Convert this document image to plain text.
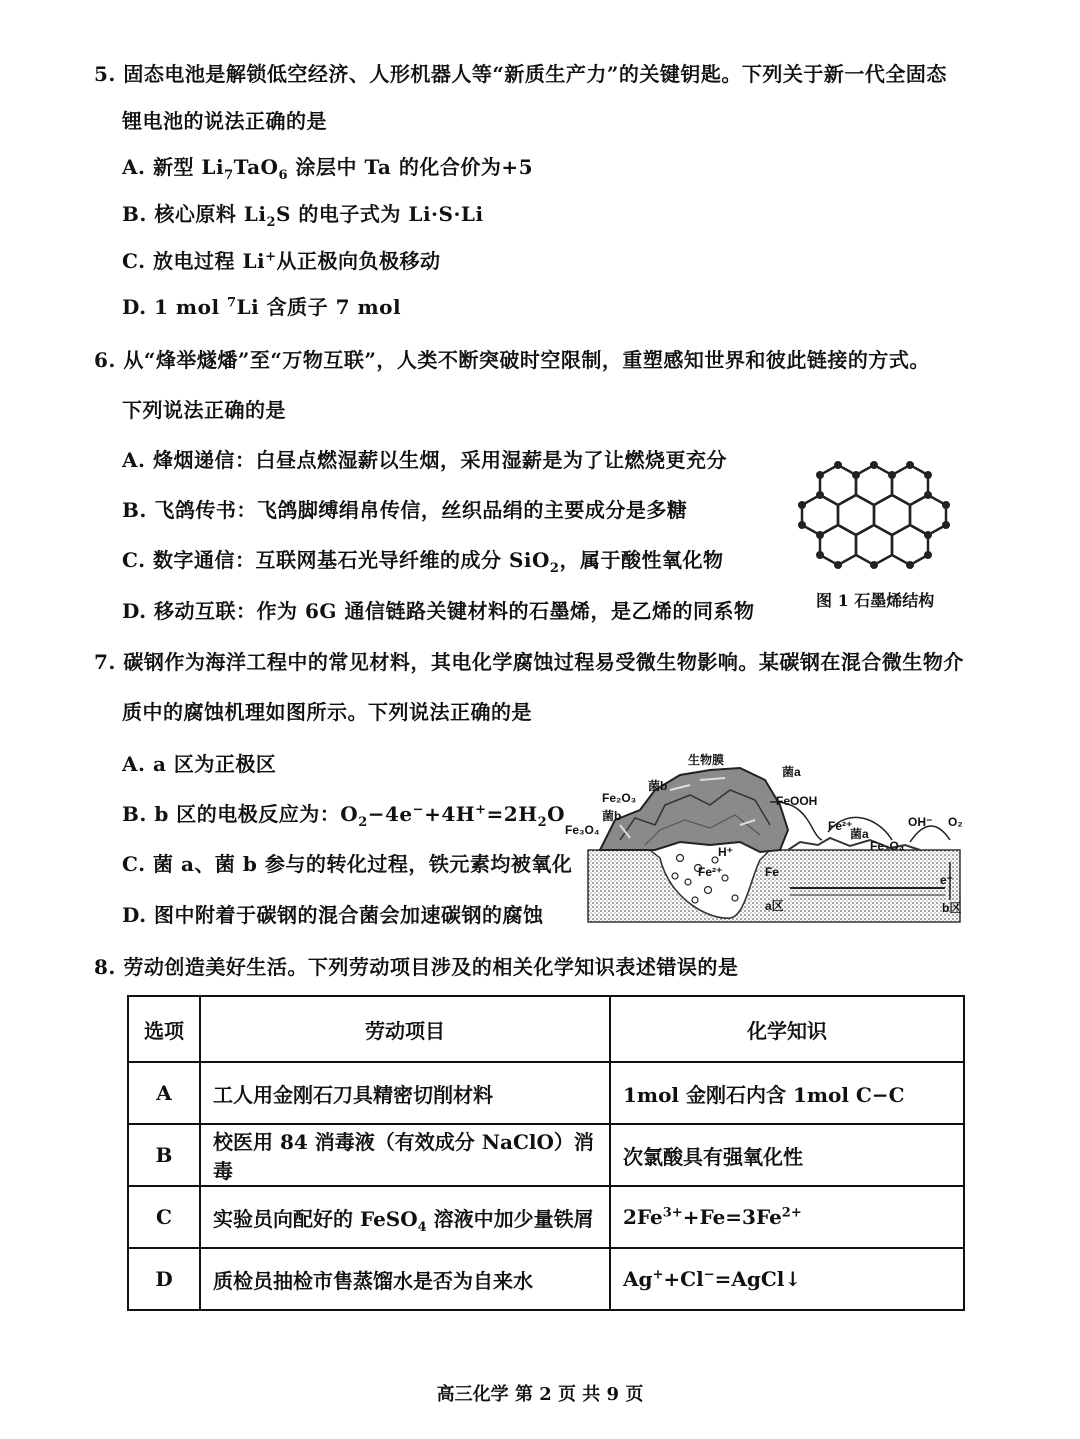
5. 固态电池是解锁低空经济、人形机器人等“新质生产力”的关键钥匙。下列关于新一代全固态
锂电池的说法正确的是
A. 新型 $Li_7TaO_6$ 涂层中 Ta 的化合价为+5
B. 核心原料 $Li_2S$ 的电子式为 Li·S·Li
C. 放电过程 Li+从正极向负极移动
D. 1 mol $^7$Li 含质子 7 mol
6. 从“烽举燧燔”至“万物互联”，人类不断突破时空限制，重塑感知世界和彼此链接的方式。
下列说法正确的是
A. 烽烟递信：白昼点燃湿薪以生烟，采用湿薪是为了让燃烧更充分
B. 飞鸽传书：飞鸽脚缚绢帛传信，丝织品绢的主要成分是多糖
C. 数字通信：互联网基石光导纤维的成分 SiO$_2$，属于酸性氧化物
D. 移动互联：作为 6G 通信链路关键材料的石墨烯，是乙烯的同系物	图 1 石墨烯结构
7. 碳钢作为海洋工程中的常见材料，其电化学腐蚀过程易受微生物影响。某碳钢在混合微生物介
质中的腐蚀机理如图所示。下列说法正确的是
A. a 区为正极区
B. b 区的电极反应为：$O_2-4e^-+4H^+=2H_2O$
C. 菌 a、菌 b 参与的转化过程，铁元素均被氧化
D. 图中附着于碳钢的混合菌会加速碳钢的腐蚀
生物膜
菌a
菌b
Fe₂O₃
菌b
Fe₃O₄
FeOOH
Fe²⁺
菌a
Fe₃O₄
OH⁻ O₂
H⁺
Fe²⁺	Fe
e⁻
a区	b区
8. 劳动创造美好生活。下列劳动项目涉及的相关化学知识表述错误的是
选项	劳动项目	化学知识
A	工人用金刚石刀具精密切削材料	1mol 金刚石内含 1mol C−C
B	校医用 84 消毒液（有效成分 NaClO）消毒	次氯酸具有强氧化性
C	实验员向配好的 FeSO$_4$ 溶液中加少量铁屑	$2Fe^{3+}+Fe=3Fe^{2+}$
D	质检员抽检市售蒸馏水是否为自来水	Ag++Cl−=AgCl↓
高三化学 第 2 页 共 9 页
